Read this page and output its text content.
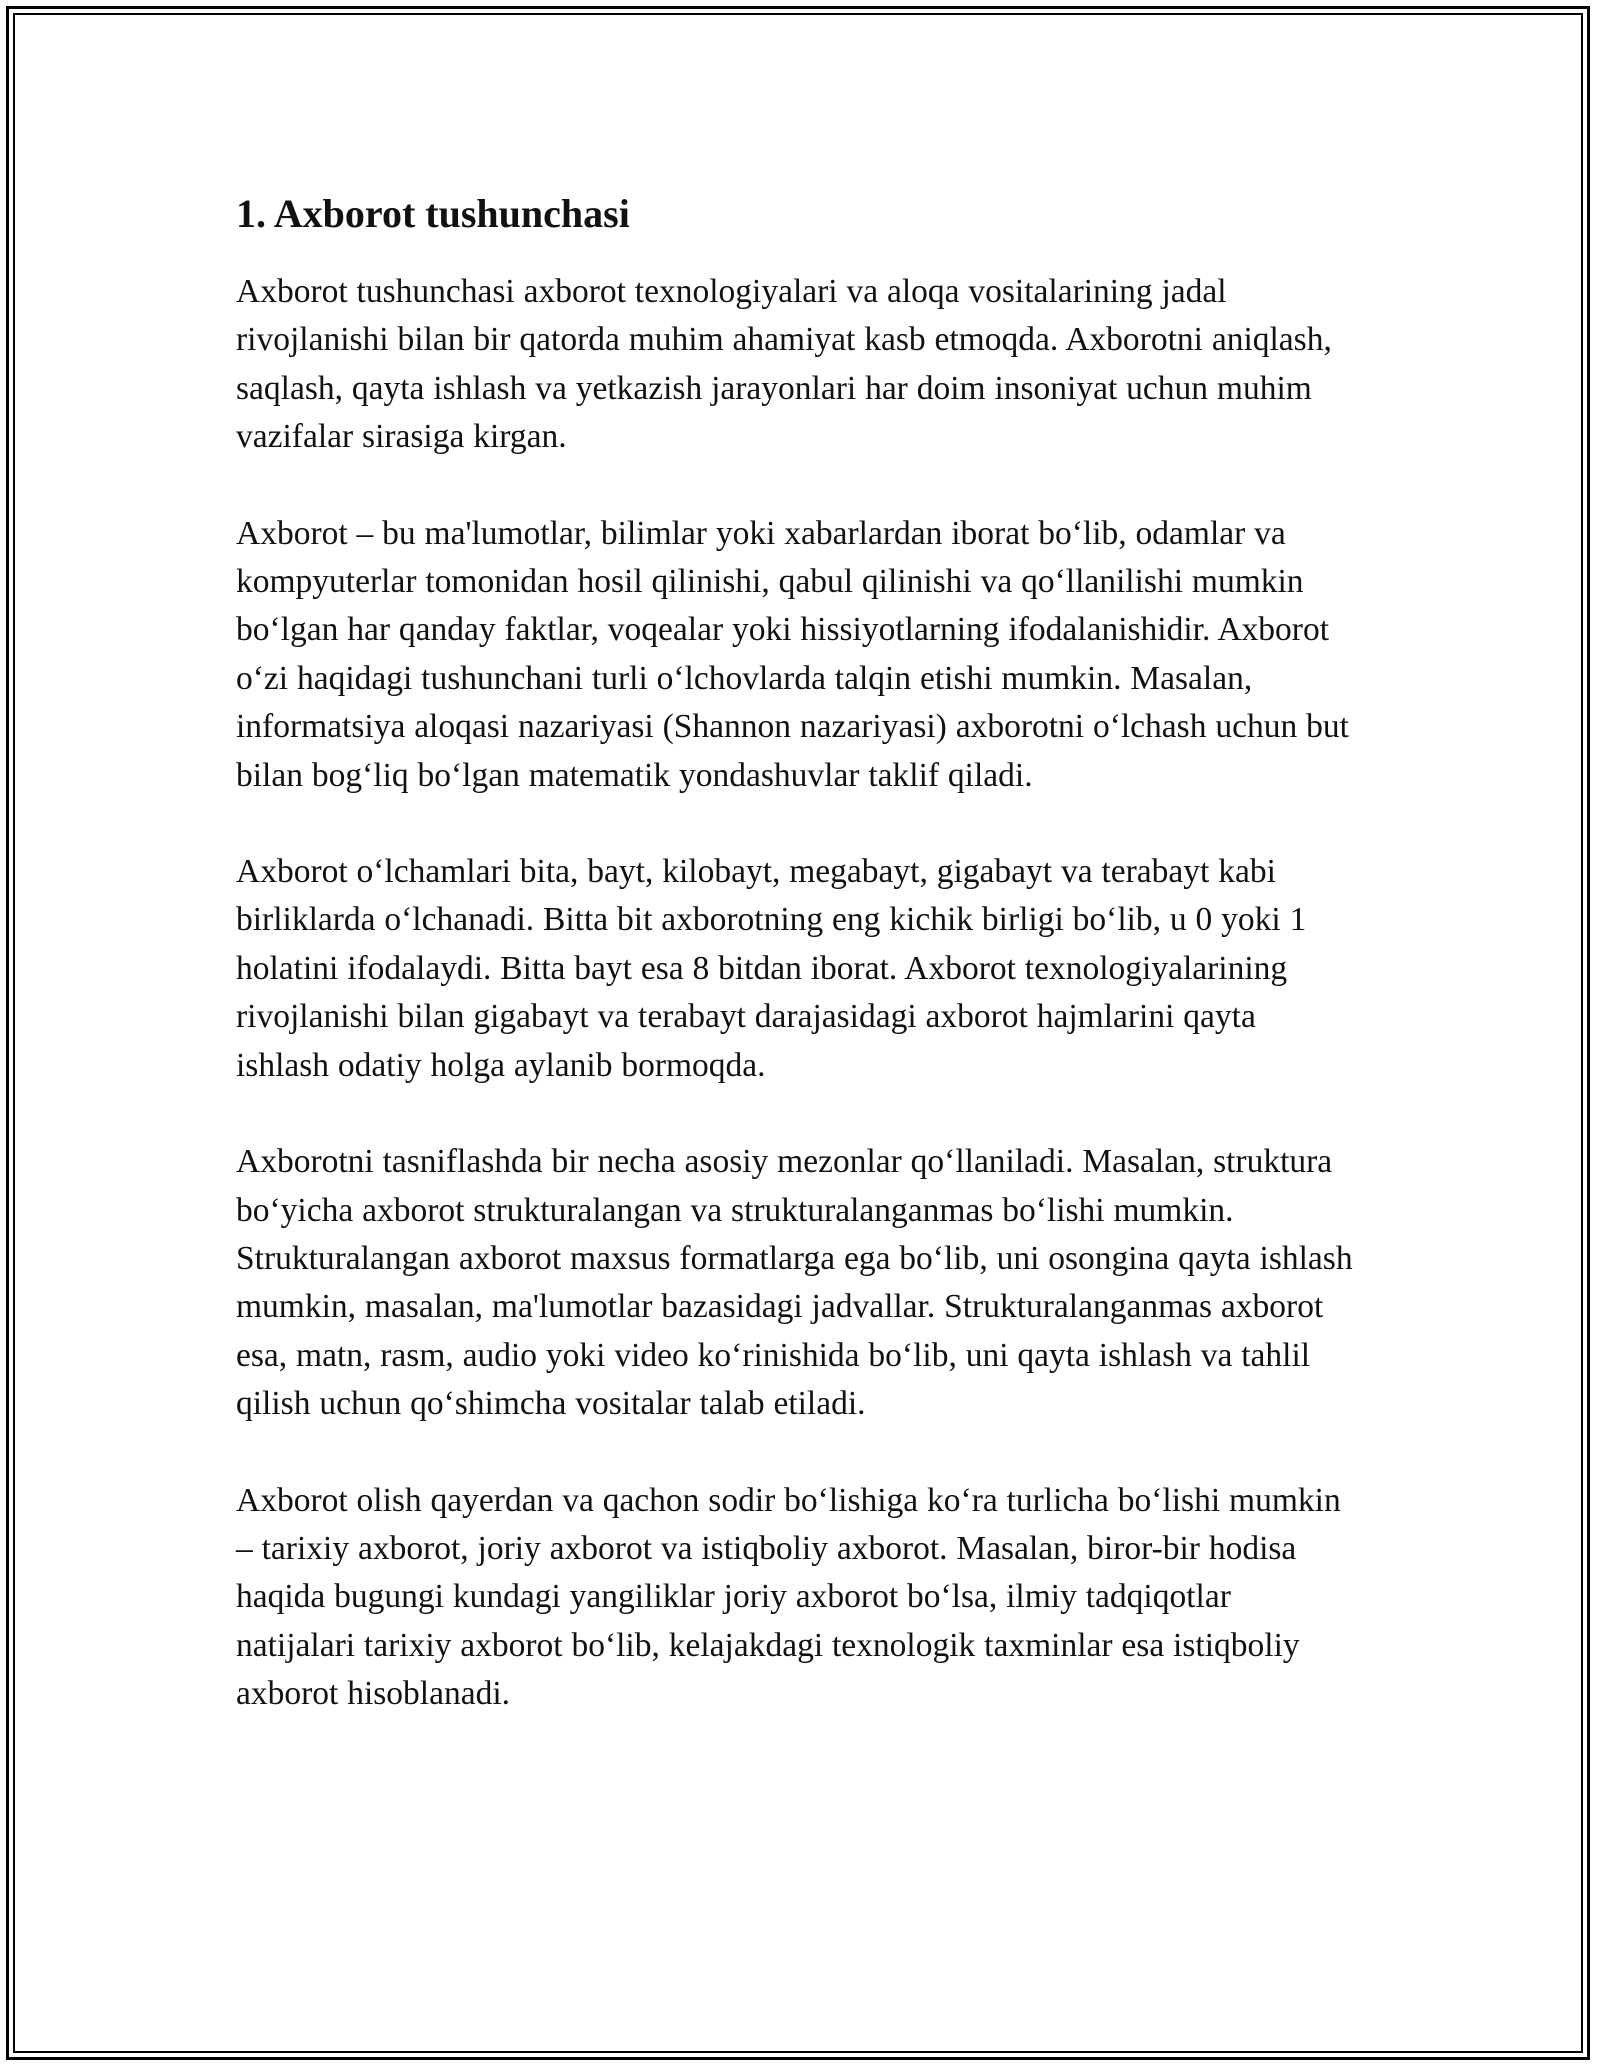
1. Axborot tushunchasi

Axborot tushunchasi axborot texnologiyalari va aloqa vositalarining jadal rivojlanishi bilan bir qatorda muhim ahamiyat kasb etmoqda. Axborotni aniqlash, saqlash, qayta ishlash va yetkazish jarayonlari har doim insoniyat uchun muhim vazifalar sirasiga kirgan.

Axborot – bu ma'lumotlar, bilimlar yoki xabarlardan iborat bo‘lib, odamlar va kompyuterlar tomonidan hosil qilinishi, qabul qilinishi va qo‘llanilishi mumkin bo‘lgan har qanday faktlar, voqealar yoki hissiyotlarning ifodalanishidir. Axborot o‘zi haqidagi tushunchani turli o‘lchovlarda talqin etishi mumkin. Masalan, informatsiya aloqasi nazariyasi (Shannon nazariyasi) axborotni o‘lchash uchun but bilan bog‘liq bo‘lgan matematik yondashuvlar taklif qiladi.

Axborot o‘lchamlari bita, bayt, kilobayt, megabayt, gigabayt va terabayt kabi birliklarda o‘lchanadi. Bitta bit axborotning eng kichik birligi bo‘lib, u 0 yoki 1 holatini ifodalaydi. Bitta bayt esa 8 bitdan iborat. Axborot texnologiyalarining rivojlanishi bilan gigabayt va terabayt darajasidagi axborot hajmlarini qayta ishlash odatiy holga aylanib bormoqda.

Axborotni tasniflashda bir necha asosiy mezonlar qo‘llaniladi. Masalan, struktura bo‘yicha axborot strukturalangan va strukturalanganmas bo‘lishi mumkin. Strukturalangan axborot maxsus formatlarga ega bo‘lib, uni osongina qayta ishlash mumkin, masalan, ma'lumotlar bazasidagi jadvallar. Strukturalanganmas axborot esa, matn, rasm, audio yoki video ko‘rinishida bo‘lib, uni qayta ishlash va tahlil qilish uchun qo‘shimcha vositalar talab etiladi.

Axborot olish qayerdan va qachon sodir bo‘lishiga ko‘ra turlicha bo‘lishi mumkin – tarixiy axborot, joriy axborot va istiqboliy axborot. Masalan, biror-bir hodisa haqida bugungi kundagi yangiliklar joriy axborot bo‘lsa, ilmiy tadqiqotlar natijalari tarixiy axborot bo‘lib, kelajakdagi texnologik taxminlar esa istiqboliy axborot hisoblanadi.
